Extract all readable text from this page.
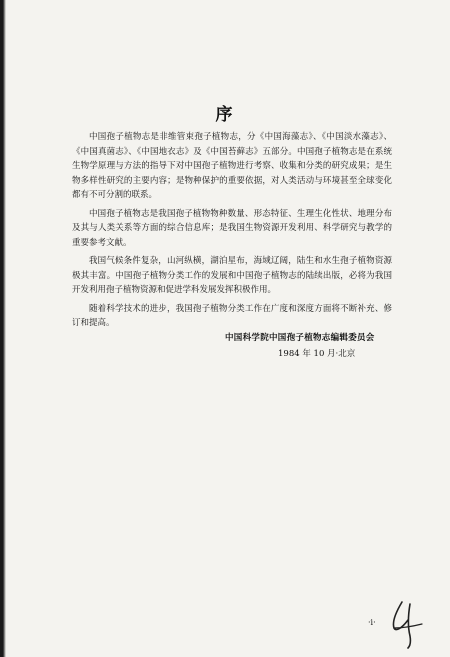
序

中国孢子植物志是非维管束孢子植物志，分《中国海藻志》、《中国淡水藻志》、《中国真菌志》、《中国地衣志》及《中国苔藓志》五部分。中国孢子植物志是在系统生物学原理与方法的指导下对中国孢子植物进行考察、收集和分类的研究成果；是生物多样性研究的主要内容；是物种保护的重要依据，对人类活动与环境甚至全球变化都有不可分割的联系。

中国孢子植物志是我国孢子植物物种数量、形态特征、生理生化性状、地理分布及其与人类关系等方面的综合信息库；是我国生物资源开发利用、科学研究与教学的重要参考文献。

我国气候条件复杂，山河纵横，湖泊星布，海域辽阔，陆生和水生孢子植物资源极其丰富。中国孢子植物分类工作的发展和中国孢子植物志的陆续出版，必将为我国开发利用孢子植物资源和促进学科发展发挥积极作用。

随着科学技术的进步，我国孢子植物分类工作在广度和深度方面将不断补充、修订和提高。

中国科学院中国孢子植物志编辑委员会
1984 年 10 月·北京
·i·
